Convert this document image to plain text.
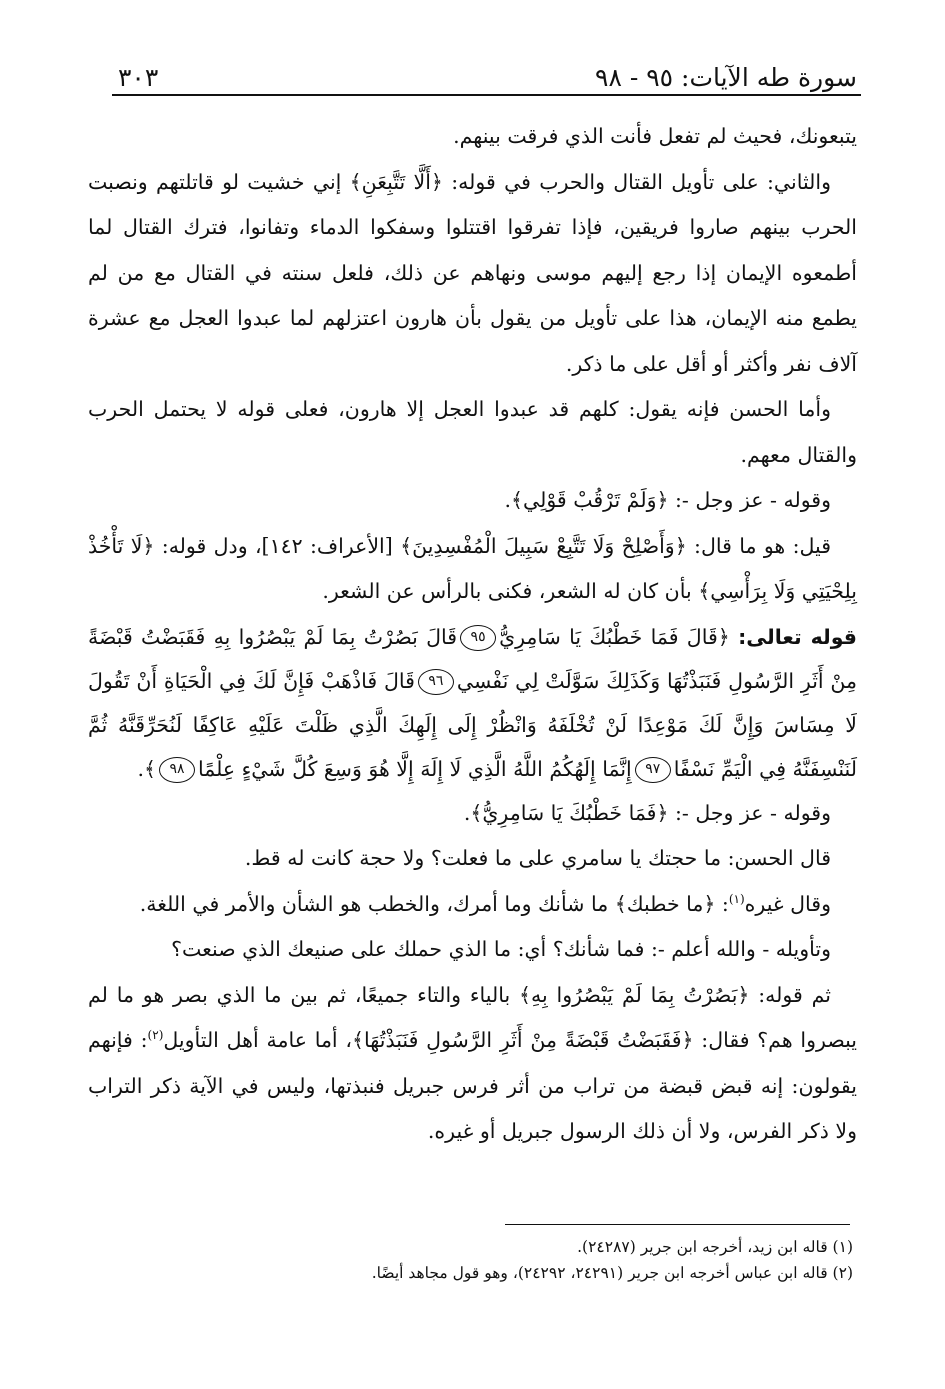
سورة طه الآيات: ٩٥ - ٩٨
٣٠٣

يتبعونك، فحيث لم تفعل فأنت الذي فرقت بينهم.

والثاني: على تأويل القتال والحرب في قوله: ﴿أَلَّا تَتَّبِعَنِ﴾ إني خشيت لو قاتلتهم ونصبت الحرب بينهم صاروا فريقين، فإذا تفرقوا اقتتلوا وسفكوا الدماء وتفانوا، فترك القتال لما أطمعوه الإيمان إذا رجع إليهم موسى ونهاهم عن ذلك، فلعل سنته في القتال مع من لم يطمع منه الإيمان، هذا على تأويل من يقول بأن هارون اعتزلهم لما عبدوا العجل مع عشرة آلاف نفر وأكثر أو أقل على ما ذكر.

وأما الحسن فإنه يقول: كلهم قد عبدوا العجل إلا هارون، فعلى قوله لا يحتمل الحرب والقتال معهم.

وقوله - عز وجل -: ﴿وَلَمْ تَرْقُبْ قَوْلِي﴾.

قيل: هو ما قال: ﴿وَأَصْلِحْ وَلَا تَتَّبِعْ سَبِيلَ الْمُفْسِدِينَ﴾ [الأعراف: ١٤٢]، ودل قوله: ﴿لَا تَأْخُذْ بِلِحْيَتِي وَلَا بِرَأْسِي﴾ بأن كان له الشعر، فكنى بالرأس عن الشعر.

قوله تعالى: ﴿قَالَ فَمَا خَطْبُكَ يَا سَامِرِيُّ٩٥قَالَ بَصُرْتُ بِمَا لَمْ يَبْصُرُوا بِهِ فَقَبَضْتُ قَبْضَةً مِنْ أَثَرِ الرَّسُولِ فَنَبَذْتُهَا وَكَذَلِكَ سَوَّلَتْ لِي نَفْسِي٩٦قَالَ فَاذْهَبْ فَإِنَّ لَكَ فِي الْحَيَاةِ أَنْ تَقُولَ لَا مِسَاسَ وَإِنَّ لَكَ مَوْعِدًا لَنْ تُخْلَفَهُ وَانْظُرْ إِلَى إِلَهِكَ الَّذِي ظَلْتَ عَلَيْهِ عَاكِفًا لَنُحَرِّقَنَّهُ ثُمَّ لَنَنْسِفَنَّهُ فِي الْيَمِّ نَسْفًا٩٧إِنَّمَا إِلَهُكُمُ اللَّهُ الَّذِي لَا إِلَهَ إِلَّا هُوَ وَسِعَ كُلَّ شَيْءٍ عِلْمًا٩٨﴾.

وقوله - عز وجل -: ﴿فَمَا خَطْبُكَ يَا سَامِرِيُّ﴾.

قال الحسن: ما حجتك يا سامري على ما فعلت؟ ولا حجة كانت له قط.

وقال غيره$^{(١)}$: ﴿ما خطبك﴾ ما شأنك وما أمرك، والخطب هو الشأن والأمر في اللغة.

وتأويله - والله أعلم -: فما شأنك؟ أي: ما الذي حملك على صنيعك الذي صنعت؟

ثم قوله: ﴿بَصُرْتُ بِمَا لَمْ يَبْصُرُوا بِهِ﴾ بالياء والتاء جميعًا، ثم بين ما الذي بصر هو ما لم يبصروا هم؟ فقال: ﴿فَقَبَضْتُ قَبْضَةً مِنْ أَثَرِ الرَّسُولِ فَنَبَذْتُهَا﴾، أما عامة أهل التأويل$^{(٢)}$: فإنهم يقولون: إنه قبض قبضة من تراب من أثر فرس جبريل فنبذتها، وليس في الآية ذكر التراب ولا ذكر الفرس، ولا أن ذلك الرسول جبريل أو غيره.

(١) قاله ابن زيد، أخرجه ابن جرير (٢٤٢٨٧).

(٢) قاله ابن عباس أخرجه ابن جرير (٢٤٢٩١، ٢٤٢٩٢)، وهو قول مجاهد أيضًا.
